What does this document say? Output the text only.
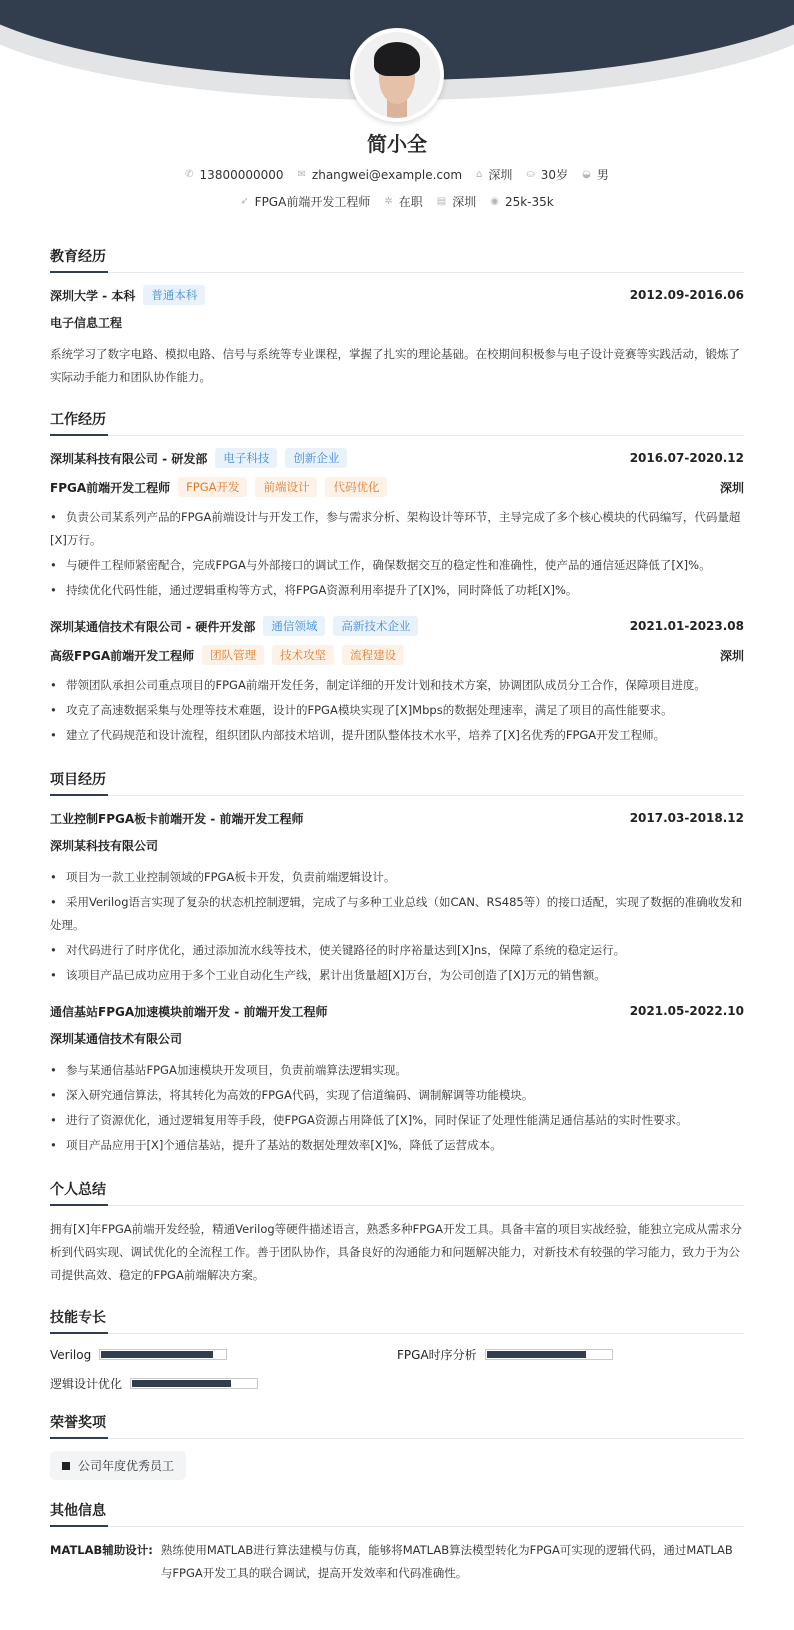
简小全
✆ 13800000000 ✉ zhangwei@example.com ⌂ 深圳 ⛀ 30岁 ◒ 男
➶ FPGA前端开发工程师 ✲ 在职 ▤ 深圳 ◉ 25k-35k
教育经历
深圳大学 - 本科	普通本科	2012.09-2016.06
电子信息工程
系统学习了数字电路、模拟电路、信号与系统等专业课程，掌握了扎实的理论基础。在校期间积极参与电子设计竞赛等实践活动，锻炼了实际动手能力和团队协作能力。
工作经历
深圳某科技有限公司 - 研发部	电子科技	创新企业	2016.07-2020.12
FPGA前端开发工程师	FPGA开发	前端设计	代码优化	深圳
• 负责公司某系列产品的FPGA前端设计与开发工作，参与需求分析、架构设计等环节，主导完成了多个核心模块的代码编写，代码量超[X]万行。
• 与硬件工程师紧密配合，完成FPGA与外部接口的调试工作，确保数据交互的稳定性和准确性，使产品的通信延迟降低了[X]%。
• 持续优化代码性能，通过逻辑重构等方式，将FPGA资源利用率提升了[X]%，同时降低了功耗[X]%。
深圳某通信技术有限公司 - 硬件开发部	通信领域	高新技术企业	2021.01-2023.08
高级FPGA前端开发工程师	团队管理	技术攻坚	流程建设	深圳
• 带领团队承担公司重点项目的FPGA前端开发任务，制定详细的开发计划和技术方案，协调团队成员分工合作，保障项目进度。
• 攻克了高速数据采集与处理等技术难题，设计的FPGA模块实现了[X]Mbps的数据处理速率，满足了项目的高性能要求。
• 建立了代码规范和设计流程，组织团队内部技术培训，提升团队整体技术水平，培养了[X]名优秀的FPGA开发工程师。
项目经历
工业控制FPGA板卡前端开发 - 前端开发工程师	2017.03-2018.12
深圳某科技有限公司
• 项目为一款工业控制领域的FPGA板卡开发，负责前端逻辑设计。
• 采用Verilog语言实现了复杂的状态机控制逻辑，完成了与多种工业总线（如CAN、RS485等）的接口适配，实现了数据的准确收发和处理。
• 对代码进行了时序优化，通过添加流水线等技术，使关键路径的时序裕量达到[X]ns，保障了系统的稳定运行。
• 该项目产品已成功应用于多个工业自动化生产线，累计出货量超[X]万台，为公司创造了[X]万元的销售额。
通信基站FPGA加速模块前端开发 - 前端开发工程师	2021.05-2022.10
深圳某通信技术有限公司
• 参与某通信基站FPGA加速模块开发项目，负责前端算法逻辑实现。
• 深入研究通信算法，将其转化为高效的FPGA代码，实现了信道编码、调制解调等功能模块。
• 进行了资源优化，通过逻辑复用等手段，使FPGA资源占用降低了[X]%，同时保证了处理性能满足通信基站的实时性要求。
• 项目产品应用于[X]个通信基站，提升了基站的数据处理效率[X]%，降低了运营成本。
个人总结
拥有[X]年FPGA前端开发经验，精通Verilog等硬件描述语言，熟悉多种FPGA开发工具。具备丰富的项目实战经验，能独立完成从需求分析到代码实现、调试优化的全流程工作。善于团队协作，具备良好的沟通能力和问题解决能力，对新技术有较强的学习能力，致力于为公司提供高效、稳定的FPGA前端解决方案。
技能专长
Verilog	FPGA时序分析
逻辑设计优化
荣誉奖项
公司年度优秀员工
其他信息
MATLAB辅助设计: 熟练使用MATLAB进行算法建模与仿真，能够将MATLAB算法模型转化为FPGA可实现的逻辑代码，通过MATLAB与FPGA开发工具的联合调试，提高开发效率和代码准确性。
